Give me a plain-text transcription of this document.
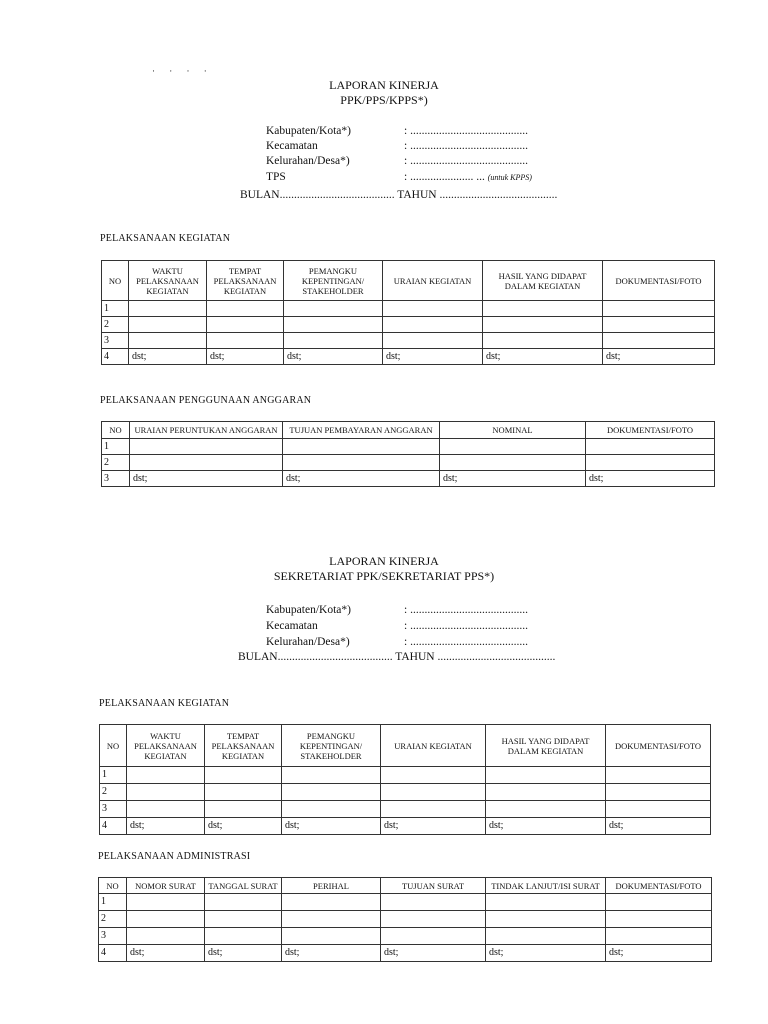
· · · ·
LAPORAN KINERJA
PPK/PPS/KPPS*)
Kabupaten/Kota*)	: .........................................
Kecamatan	: .........................................
Kelurahan/Desa*)	: .........................................
TPS	: ...................... ... (untuk KPPS)
BULAN........................................ TAHUN .........................................
PELAKSANAAN KEGIATAN
NO	WAKTU PELAKSANAAN KEGIATAN	TEMPAT PELAKSANAAN KEGIATAN	PEMANGKU KEPENTINGAN/ STAKEHOLDER	URAIAN KEGIATAN	HASIL YANG DIDAPAT DALAM KEGIATAN	DOKUMENTASI/FOTO
1						
2						
3						
4	dst;	dst;	dst;	dst;	dst;	dst;
PELAKSANAAN PENGGUNAAN ANGGARAN
NO	URAIAN PERUNTUKAN ANGGARAN	TUJUAN PEMBAYARAN ANGGARAN	NOMINAL	DOKUMENTASI/FOTO
1				
2				
3	dst;	dst;	dst;	dst;
LAPORAN KINERJA
SEKRETARIAT PPK/SEKRETARIAT PPS*)
Kabupaten/Kota*)	: .........................................
Kecamatan	: .........................................
Kelurahan/Desa*)	: .........................................
BULAN........................................ TAHUN .........................................
PELAKSANAAN KEGIATAN
NO	WAKTU PELAKSANAAN KEGIATAN	TEMPAT PELAKSANAAN KEGIATAN	PEMANGKU KEPENTINGAN/ STAKEHOLDER	URAIAN KEGIATAN	HASIL YANG DIDAPAT DALAM KEGIATAN	DOKUMENTASI/FOTO
1						
2						
3						
4	dst;	dst;	dst;	dst;	dst;	dst;
PELAKSANAAN ADMINISTRASI
NO	NOMOR SURAT	TANGGAL SURAT	PERIHAL	TUJUAN SURAT	TINDAK LANJUT/ISI SURAT	DOKUMENTASI/FOTO
1						
2						
3						
4	dst;	dst;	dst;	dst;	dst;	dst;
